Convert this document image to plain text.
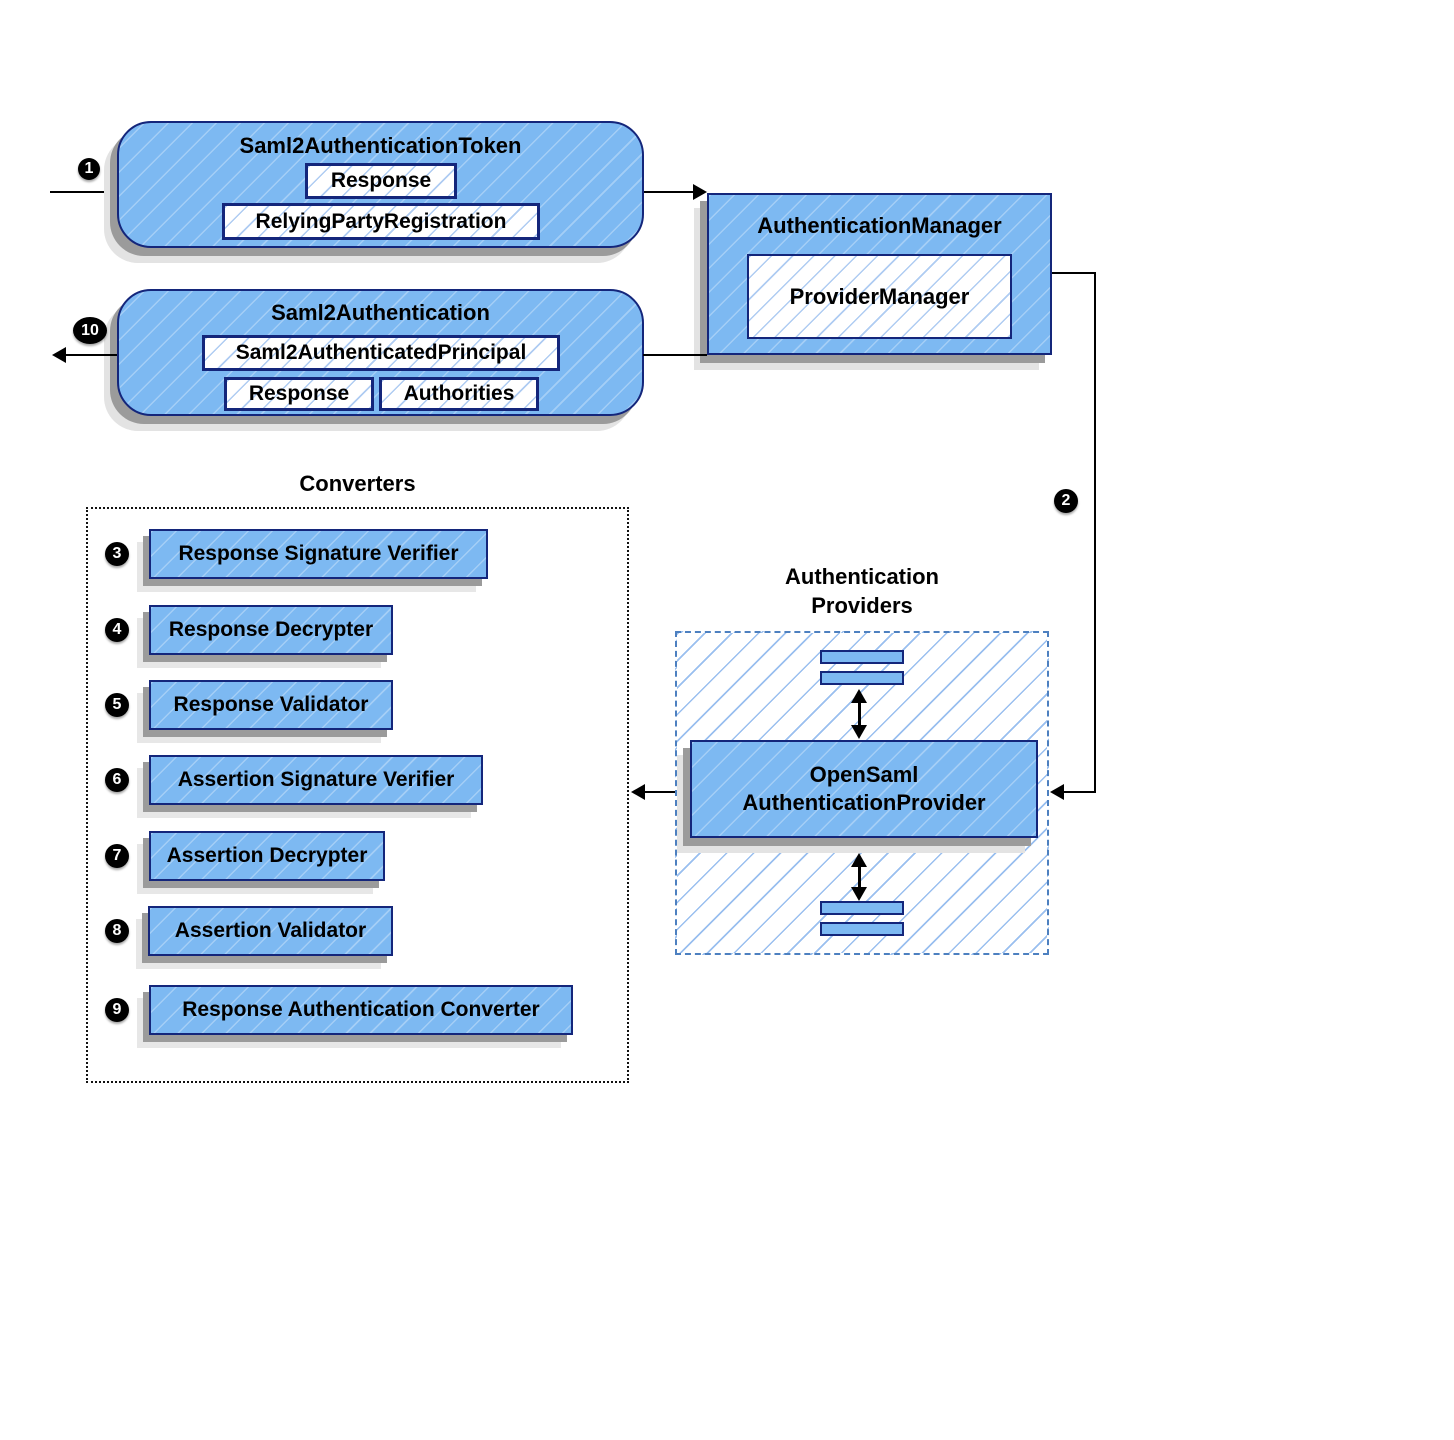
1
Saml2AuthenticationToken
Response
RelyingPartyRegistration	AuthenticationManager
ProviderManager
2
Saml2Authentication
Saml2AuthenticatedPrincipal
Response	Authorities
10
Converters
3	Response Signature Verifier
4 Response Decrypter
5 Response Validator
6	Assertion Signature Verifier
7 Assertion Decrypter
8	Assertion Validator
9	Response Authentication Converter
Authentication
Providers
OpenSaml
AuthenticationProvider
